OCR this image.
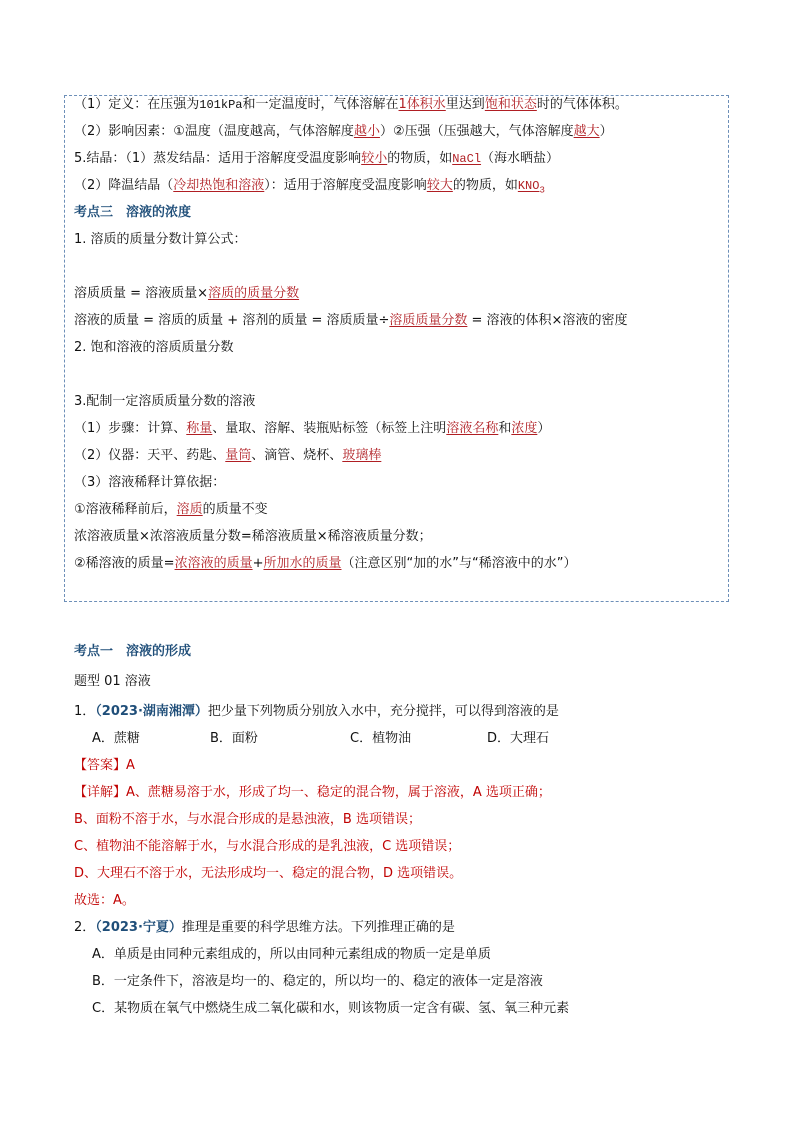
（1）定义：在压强为101kPa和一定温度时，气体溶解在1体积水里达到饱和状态时的气体体积。
（2）影响因素：①温度（温度越高，气体溶解度越小）②压强（压强越大，气体溶解度越大）
5.结晶：（1）蒸发结晶：适用于溶解度受温度影响较小的物质，如NaCl（海水晒盐）
（2）降温结晶（冷却热饱和溶液）：适用于溶解度受温度影响较大的物质，如$KNO_3$
考点三　溶液的浓度
1. 溶质的质量分数计算公式：
溶质质量 = 溶液质量×溶质的质量分数
溶液的质量 = 溶质的质量 + 溶剂的质量 = 溶质质量÷溶质质量分数 = 溶液的体积×溶液的密度
2. 饱和溶液的溶质质量分数
3.配制一定溶质质量分数的溶液
（1）步骤：计算、称量、量取、溶解、装瓶贴标签（标签上注明溶液名称和浓度）
（2）仪器：天平、药匙、量筒、滴管、烧杯、玻璃棒
（3）溶液稀释计算依据：
①溶液稀释前后，溶质的质量不变
浓溶液质量×浓溶液质量分数=稀溶液质量×稀溶液质量分数；
②稀溶液的质量=浓溶液的质量+所加水的质量（注意区别“加的水”与“稀溶液中的水”）
考点一　溶液的形成
题型 01 溶液
1．（2023·湖南湘潭）把少量下列物质分别放入水中，充分搅拌，可以得到溶液的是
A．蔗糖	B．面粉	C．植物油	D．大理石
【答案】A
【详解】A、蔗糖易溶于水，形成了均一、稳定的混合物，属于溶液，A 选项正确；
B、面粉不溶于水，与水混合形成的是悬浊液，B 选项错误；
C、植物油不能溶解于水，与水混合形成的是乳浊液，C 选项错误；
D、大理石不溶于水，无法形成均一、稳定的混合物，D 选项错误。
故选：A。
2．（2023·宁夏）推理是重要的科学思维方法。下列推理正确的是
A．单质是由同种元素组成的，所以由同种元素组成的物质一定是单质
B．一定条件下，溶液是均一的、稳定的，所以均一的、稳定的液体一定是溶液
C．某物质在氧气中燃烧生成二氧化碳和水，则该物质一定含有碳、氢、氧三种元素
